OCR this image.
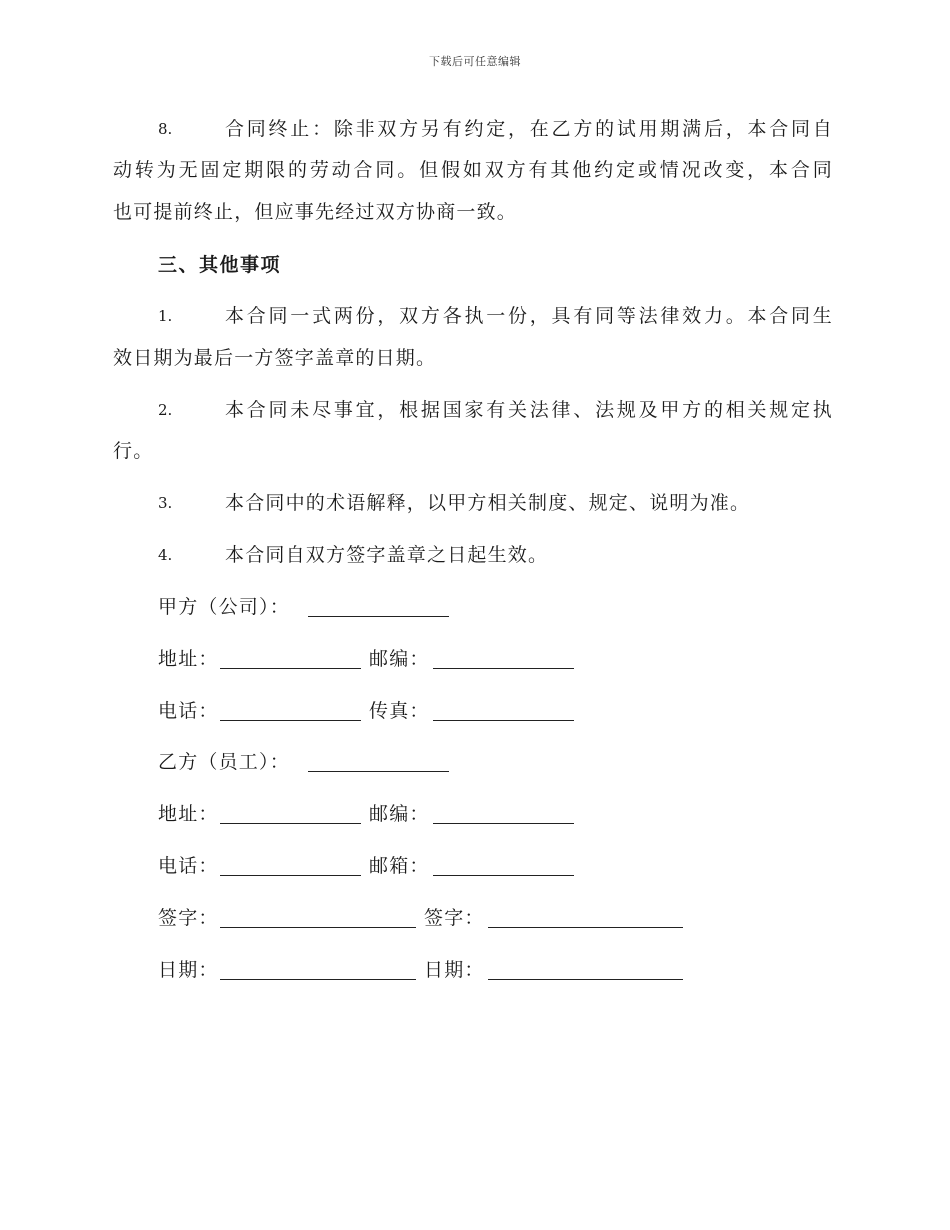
下载后可任意编辑
8.	合同终止：除非双方另有约定，在乙方的试用期满后，本合同自
动转为无固定期限的劳动合同。但假如双方有其他约定或情况改变，本合同
也可提前终止，但应事先经过双方协商一致。
三、其他事项
1.	本合同一式两份，双方各执一份，具有同等法律效力。本合同生
效日期为最后一方签字盖章的日期。
2.	本合同未尽事宜，根据国家有关法律、法规及甲方的相关规定执
行。
3.	本合同中的术语解释，以甲方相关制度、规定、说明为准。
4.	本合同自双方签字盖章之日起生效。
甲方（公司）：
地址：	邮编：
电话：	传真：
乙方（员工）：
地址：	邮编：
电话：	邮箱：
签字：	签字：
日期：	日期：
